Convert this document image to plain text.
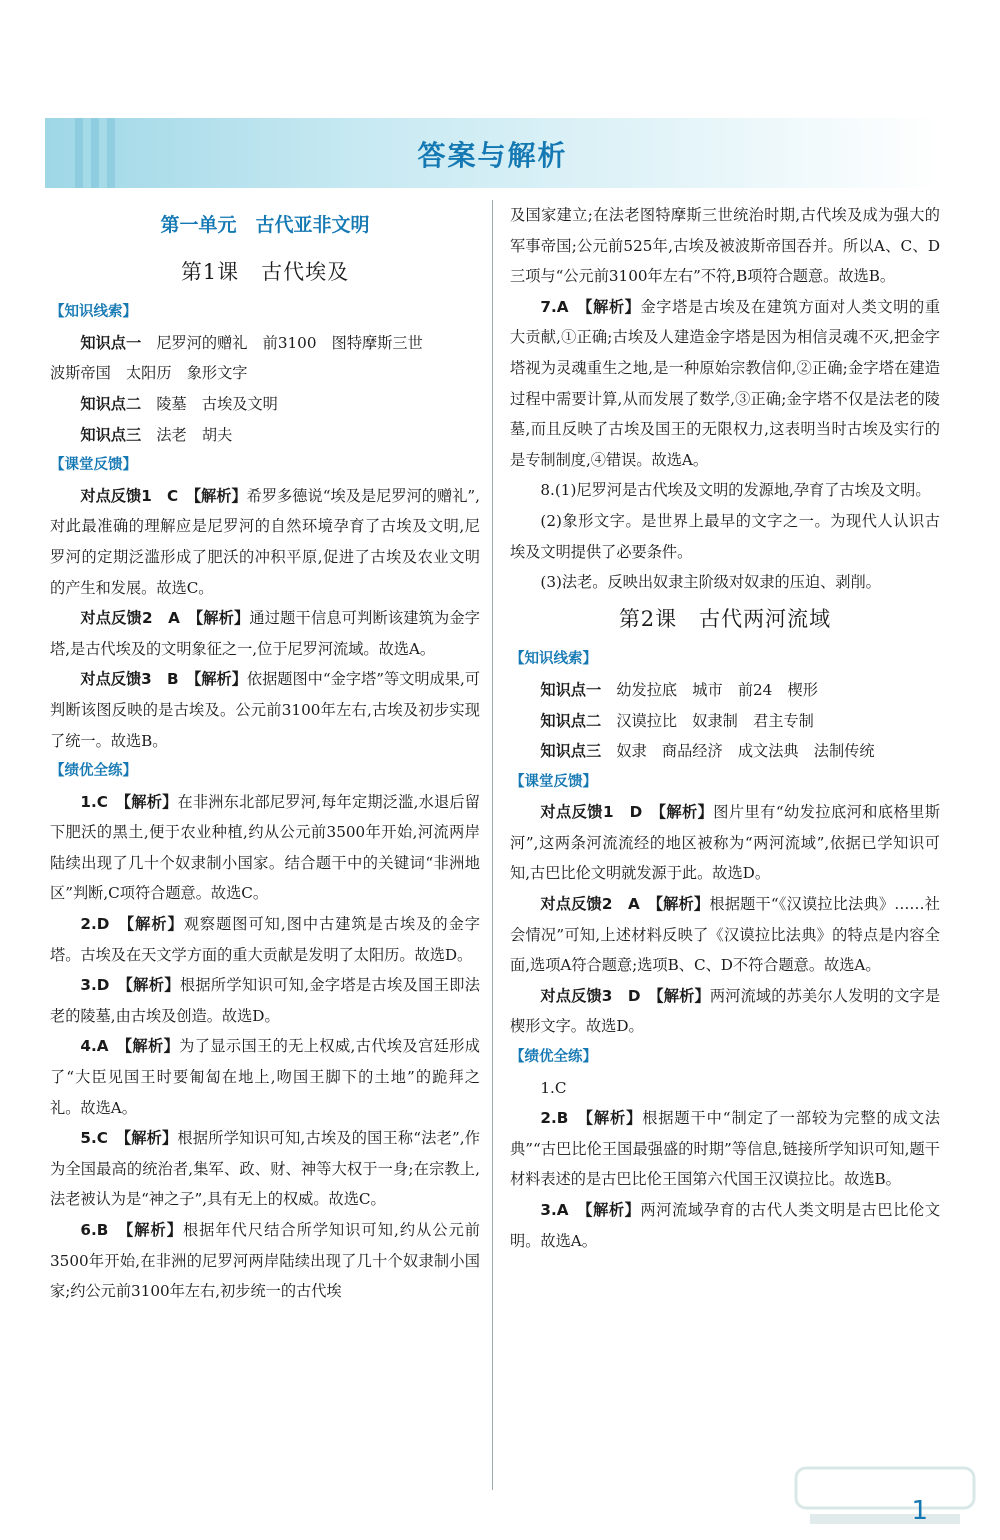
答案与解析
第一单元　古代亚非文明
第1课　古代埃及
【知识线索】

知识点一　 尼罗河的赠礼　前3100　图特摩斯三世

波斯帝国　太阳历　象形文字

知识点二　 陵墓　古埃及文明

知识点三　 法老　胡夫

【课堂反馈】

对点反馈1　C　【解析】希罗多德说“埃及是尼罗河的赠礼”,对此最准确的理解应是尼罗河的自然环境孕育了古埃及文明,尼罗河的定期泛滥形成了肥沃的冲积平原,促进了古埃及农业文明的产生和发展。故选C。

对点反馈2　A　【解析】通过题干信息可判断该建筑为金字塔,是古代埃及的文明象征之一,位于尼罗河流域。故选A。

对点反馈3　B　【解析】依据题图中“金字塔”等文明成果,可判断该图反映的是古埃及。公元前3100年左右,古埃及初步实现了统一。故选B。

【绩优全练】

1.C　【解析】在非洲东北部尼罗河,每年定期泛滥,水退后留下肥沃的黑土,便于农业种植,约从公元前3500年开始,河流两岸陆续出现了几十个奴隶制小国家。结合题干中的关键词“非洲地区”判断,C项符合题意。故选C。

2.D　【解析】观察题图可知,图中古建筑是古埃及的金字塔。古埃及在天文学方面的重大贡献是发明了太阳历。故选D。

3.D　【解析】根据所学知识可知,金字塔是古埃及国王即法老的陵墓,由古埃及创造。故选D。

4.A　【解析】为了显示国王的无上权威,古代埃及宫廷形成了“大臣见国王时要匍匐在地上,吻国王脚下的土地”的跪拜之礼。故选A。

5.C　【解析】根据所学知识可知,古埃及的国王称“法老”,作为全国最高的统治者,集军、政、财、神等大权于一身;在宗教上,法老被认为是“神之子”,具有无上的权威。故选C。

6.B　【解析】根据年代尺结合所学知识可知,约从公元前3500年开始,在非洲的尼罗河两岸陆续出现了几十个奴隶制小国家;约公元前3100年左右,初步统一的古代埃

及国家建立;在法老图特摩斯三世统治时期,古代埃及成为强大的军事帝国;公元前525年,古埃及被波斯帝国吞并。所以A、C、D三项与“公元前3100年左右”不符,B项符合题意。故选B。

7.A　【解析】金字塔是古埃及在建筑方面对人类文明的重大贡献,①正确;古埃及人建造金字塔是因为相信灵魂不灭,把金字塔视为灵魂重生之地,是一种原始宗教信仰,②正确;金字塔在建造过程中需要计算,从而发展了数学,③正确;金字塔不仅是法老的陵墓,而且反映了古埃及国王的无限权力,这表明当时古埃及实行的是专制制度,④错误。故选A。

8.(1)尼罗河是古代埃及文明的发源地,孕育了古埃及文明。

(2)象形文字。是世界上最早的文字之一。为现代人认识古埃及文明提供了必要条件。

(3)法老。反映出奴隶主阶级对奴隶的压迫、剥削。

第2课　古代两河流域
【知识线索】

知识点一　 幼发拉底　城市　前24　楔形

知识点二　 汉谟拉比　奴隶制　君主专制

知识点三　 奴隶　商品经济　成文法典　法制传统

【课堂反馈】

对点反馈1　D　【解析】图片里有“幼发拉底河和底格里斯河”,这两条河流流经的地区被称为“两河流域”,依据已学知识可知,古巴比伦文明就发源于此。故选D。

对点反馈2　A　【解析】根据题干“《汉谟拉比法典》……社会情况”可知,上述材料反映了《汉谟拉比法典》的特点是内容全面,选项A符合题意;选项B、C、D不符合题意。故选A。

对点反馈3　D　【解析】两河流域的苏美尔人发明的文字是楔形文字。故选D。

【绩优全练】

1.C

2.B　【解析】根据题干中“制定了一部较为完整的成文法典”“古巴比伦王国最强盛的时期”等信息,链接所学知识可知,题干材料表述的是古巴比伦王国第六代国王汉谟拉比。故选B。

3.A　【解析】两河流域孕育的古代人类文明是古巴比伦文明。故选A。

1
